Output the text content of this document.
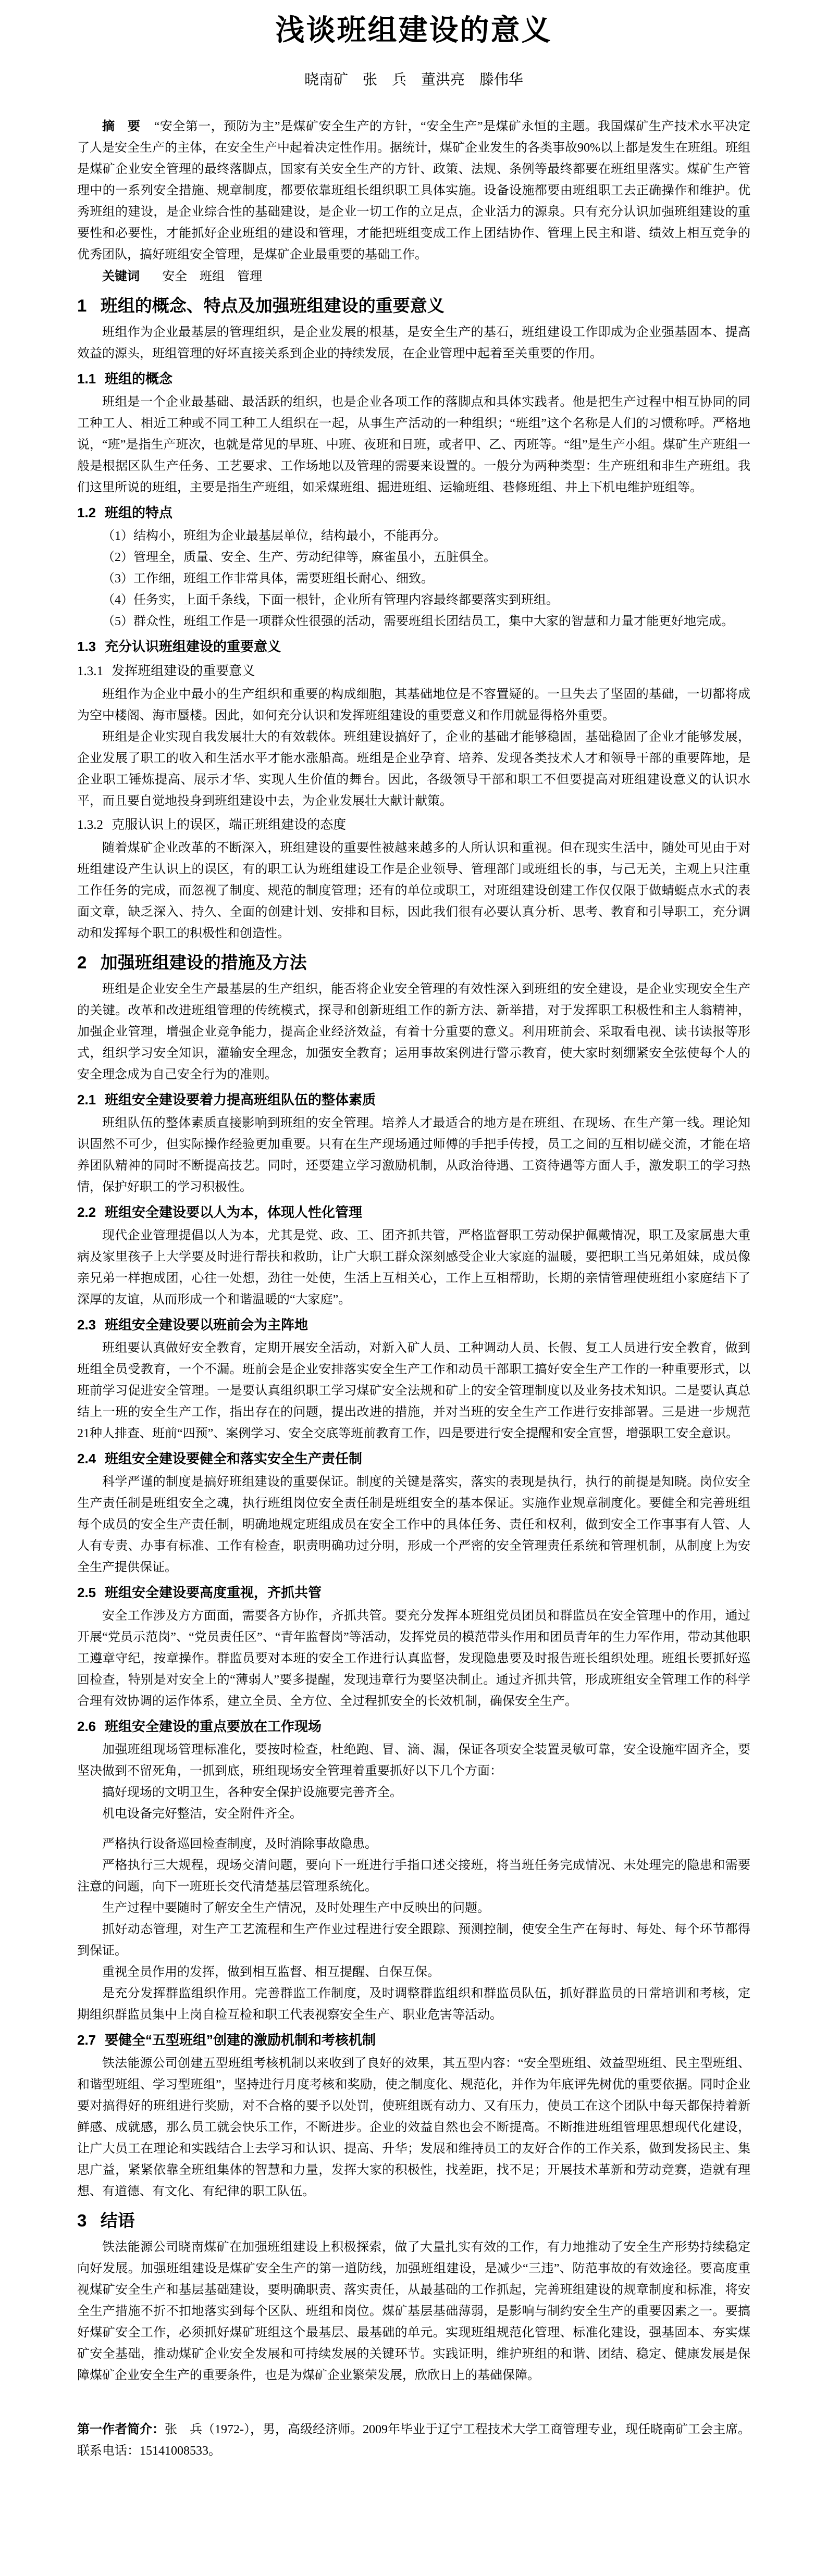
浅谈班组建设的意义
晓南矿　张　兵　董洪亮　滕伟华

摘　要 “安全第一，预防为主”是煤矿安全生产的方针，“安全生产”是煤矿永恒的主题。我国煤矿生产技术水平决定了人是安全生产的主体，在安全生产中起着决定性作用。据统计，煤矿企业发生的各类事故90%以上都是发生在班组。班组是煤矿企业安全管理的最终落脚点，国家有关安全生产的方针、政策、法规、条例等最终都要在班组里落实。煤矿生产管理中的一系列安全措施、规章制度，都要依靠班组长组织职工具体实施。设备设施都要由班组职工去正确操作和维护。优秀班组的建设，是企业综合性的基础建设，是企业一切工作的立足点，企业活力的源泉。只有充分认识加强班组建设的重要性和必要性，才能抓好企业班组的建设和管理，才能把班组变成工作上团结协作、管理上民主和谐、绩效上相互竞争的优秀团队，搞好班组安全管理，是煤矿企业最重要的基础工作。

关键词 安全　班组　管理

1 班组的概念、特点及加强班组建设的重要意义

班组作为企业最基层的管理组织，是企业发展的根基，是安全生产的基石，班组建设工作即成为企业强基固本、提高效益的源头，班组管理的好坏直接关系到企业的持续发展，在企业管理中起着至关重要的作用。

1.1 班组的概念

班组是一个企业最基础、最活跃的组织，也是企业各项工作的落脚点和具体实践者。他是把生产过程中相互协同的同工种工人、相近工种或不同工种工人组织在一起，从事生产活动的一种组织；“班组”这个名称是人们的习惯称呼。严格地说，“班”是指生产班次，也就是常见的早班、中班、夜班和日班，或者甲、乙、丙班等。“组”是生产小组。煤矿生产班组一般是根据区队生产任务、工艺要求、工作场地以及管理的需要来设置的。一般分为两种类型：生产班组和非生产班组。我们这里所说的班组，主要是指生产班组，如采煤班组、掘进班组、运输班组、巷修班组、井上下机电维护班组等。

1.2 班组的特点

（1）结构小，班组为企业最基层单位，结构最小，不能再分。

（2）管理全，质量、安全、生产、劳动纪律等，麻雀虽小，五脏俱全。

（3）工作细，班组工作非常具体，需要班组长耐心、细致。

（4）任务实，上面千条线，下面一根针，企业所有管理内容最终都要落实到班组。

（5）群众性，班组工作是一项群众性很强的活动，需要班组长团结员工，集中大家的智慧和力量才能更好地完成。

1.3 充分认识班组建设的重要意义
1.3.1 发挥班组建设的重要意义

班组作为企业中最小的生产组织和重要的构成细胞，其基础地位是不容置疑的。一旦失去了坚固的基础，一切都将成为空中楼阁、海市蜃楼。因此，如何充分认识和发挥班组建设的重要意义和作用就显得格外重要。

班组是企业实现自我发展壮大的有效载体。班组建设搞好了，企业的基础才能够稳固，基础稳固了企业才能够发展，企业发展了职工的收入和生活水平才能水涨船高。班组是企业孕育、培养、发现各类技术人才和领导干部的重要阵地，是企业职工锤炼提高、展示才华、实现人生价值的舞台。因此，各级领导干部和职工不但要提高对班组建设意义的认识水平，而且要自觉地投身到班组建设中去，为企业发展壮大献计献策。

1.3.2 克服认识上的误区，端正班组建设的态度

随着煤矿企业改革的不断深入，班组建设的重要性被越来越多的人所认识和重视。但在现实生活中，随处可见由于对班组建设产生认识上的误区，有的职工认为班组建设工作是企业领导、管理部门或班组长的事，与己无关，主观上只注重工作任务的完成，而忽视了制度、规范的制度管理；还有的单位或职工，对班组建设创建工作仅仅限于做蜻蜓点水式的表面文章，缺乏深入、持久、全面的创建计划、安排和目标，因此我们很有必要认真分析、思考、教育和引导职工，充分调动和发挥每个职工的积极性和创造性。

2 加强班组建设的措施及方法

班组是企业安全生产最基层的生产组织，能否将企业安全管理的有效性深入到班组的安全建设，是企业实现安全生产的关键。改革和改进班组管理的传统模式，探寻和创新班组工作的新方法、新举措，对于发挥职工积极性和主人翁精神，加强企业管理，增强企业竞争能力，提高企业经济效益，有着十分重要的意义。利用班前会、采取看电视、读书读报等形式，组织学习安全知识，灌输安全理念，加强安全教育；运用事故案例进行警示教育，使大家时刻绷紧安全弦使每个人的安全理念成为自己安全行为的准则。

2.1 班组安全建设要着力提高班组队伍的整体素质

班组队伍的整体素质直接影响到班组的安全管理。培养人才最适合的地方是在班组、在现场、在生产第一线。理论知识固然不可少，但实际操作经验更加重要。只有在生产现场通过师傅的手把手传授，员工之间的互相切磋交流，才能在培养团队精神的同时不断提高技艺。同时，还要建立学习激励机制，从政治待遇、工资待遇等方面人手，激发职工的学习热情，保护好职工的学习积极性。

2.2 班组安全建设要以人为本，体现人性化管理

现代企业管理提倡以人为本，尤其是党、政、工、团齐抓共管，严格监督职工劳动保护佩戴情况，职工及家属患大重病及家里孩子上大学要及时进行帮扶和救助，让广大职工群众深刻感受企业大家庭的温暖，要把职工当兄弟姐妹，成员像亲兄弟一样抱成团，心往一处想，劲往一处使，生活上互相关心，工作上互相帮助，长期的亲情管理使班组小家庭结下了深厚的友谊，从而形成一个和谐温暖的“大家庭”。

2.3 班组安全建设要以班前会为主阵地

班组要认真做好安全教育，定期开展安全活动，对新入矿人员、工种调动人员、长假、复工人员进行安全教育，做到班组全员受教育，一个不漏。班前会是企业安排落实安全生产工作和动员干部职工搞好安全生产工作的一种重要形式，以班前学习促进安全管理。一是要认真组织职工学习煤矿安全法规和矿上的安全管理制度以及业务技术知识。二是要认真总结上一班的安全生产工作，指出存在的问题，提出改进的措施，并对当班的安全生产工作进行安排部署。三是进一步规范21种人排查、班前“四预”、案例学习、安全交底等班前教育工作，四是要进行安全提醒和安全宣誓，增强职工安全意识。

2.4 班组安全建设要健全和落实安全生产责任制

科学严谨的制度是搞好班组建设的重要保证。制度的关键是落实，落实的表现是执行，执行的前提是知晓。岗位安全生产责任制是班组安全之魂，执行班组岗位安全责任制是班组安全的基本保证。实施作业规章制度化。要健全和完善班组每个成员的安全生产责任制，明确地规定班组成员在安全工作中的具体任务、责任和权利，做到安全工作事事有人管、人人有专责、办事有标准、工作有检查，职责明确功过分明，形成一个严密的安全管理责任系统和管理机制，从制度上为安全生产提供保证。

2.5 班组安全建设要高度重视，齐抓共管

安全工作涉及方方面面，需要各方协作，齐抓共管。要充分发挥本班组党员团员和群监员在安全管理中的作用，通过开展“党员示范岗”、“党员责任区”、“青年监督岗”等活动，发挥党员的模范带头作用和团员青年的生力军作用，带动其他职工遵章守纪，按章操作。群监员要对本班的安全工作进行认真监督，发现隐患要及时报告班长组织处理。班组长要抓好巡回检查，特别是对安全上的“薄弱人”要多提醒，发现违章行为要坚决制止。通过齐抓共管，形成班组安全管理工作的科学合理有效协调的运作体系，建立全员、全方位、全过程抓安全的长效机制，确保安全生产。

2.6 班组安全建设的重点要放在工作现场

加强班组现场管理标准化，要按时检查，杜绝跑、冒、滴、漏，保证各项安全装置灵敏可靠，安全设施牢固齐全，要坚决做到不留死角，一抓到底，班组现场安全管理着重要抓好以下几个方面：

搞好现场的文明卫生，各种安全保护设施要完善齐全。

机电设备完好整洁，安全附件齐全。

严格执行设备巡回检查制度，及时消除事故隐患。

严格执行三大规程，现场交清问题，要向下一班进行手指口述交接班，将当班任务完成情况、未处理完的隐患和需要注意的问题，向下一班班长交代清楚基层管理系统化。

生产过程中要随时了解安全生产情况，及时处理生产中反映出的问题。

抓好动态管理，对生产工艺流程和生产作业过程进行安全跟踪、预测控制，使安全生产在每时、每处、每个环节都得到保证。

重视全员作用的发挥，做到相互监督、相互提醒、自保互保。

是充分发挥群监组织作用。完善群监工作制度，及时调整群监组织和群监员队伍，抓好群监员的日常培训和考核，定期组织群监员集中上岗自检互检和职工代表视察安全生产、职业危害等活动。

2.7 要健全“五型班组”创建的激励机制和考核机制

铁法能源公司创建五型班组考核机制以来收到了良好的效果，其五型内容：“安全型班组、效益型班组、民主型班组、和谐型班组、学习型班组”，坚持进行月度考核和奖励，使之制度化、规范化，并作为年底评先树优的重要依据。同时企业要对搞得好的班组进行奖励，对不合格的要予以处罚，使班组既有动力、又有压力，使员工在这个团队中每天都保持着新鲜感、成就感，那么员工就会快乐工作，不断进步。企业的效益自然也会不断提高。不断推进班组管理思想现代化建设，让广大员工在理论和实践结合上去学习和认识、提高、升华；发展和维持员工的友好合作的工作关系，做到发扬民主、集思广益，紧紧依靠全班组集体的智慧和力量，发挥大家的积极性，找差距，找不足；开展技术革新和劳动竞赛，造就有理想、有道德、有文化、有纪律的职工队伍。

3 结语

铁法能源公司晓南煤矿在加强班组建设上积极探索，做了大量扎实有效的工作，有力地推动了安全生产形势持续稳定向好发展。加强班组建设是煤矿安全生产的第一道防线，加强班组建设，是减少“三违”、防范事故的有效途径。要高度重视煤矿安全生产和基层基础建设，要明确职责、落实责任，从最基础的工作抓起，完善班组建设的规章制度和标准，将安全生产措施不折不扣地落实到每个区队、班组和岗位。煤矿基层基础薄弱，是影响与制约安全生产的重要因素之一。要搞好煤矿安全工作，必须抓好煤矿班组这个最基层、最基础的单元。实现班组规范化管理、标准化建设，强基固本、夯实煤矿安全基础，推动煤矿企业安全发展和可持续发展的关键环节。实践证明，维护班组的和谐、团结、稳定、健康发展是保障煤矿企业安全生产的重要条件，也是为煤矿企业繁荣发展，欣欣日上的基础保障。

第一作者简介：张　兵（1972-），男，高级经济师。2009年毕业于辽宁工程技术大学工商管理专业，现任晓南矿工会主席。联系电话：15141008533。
